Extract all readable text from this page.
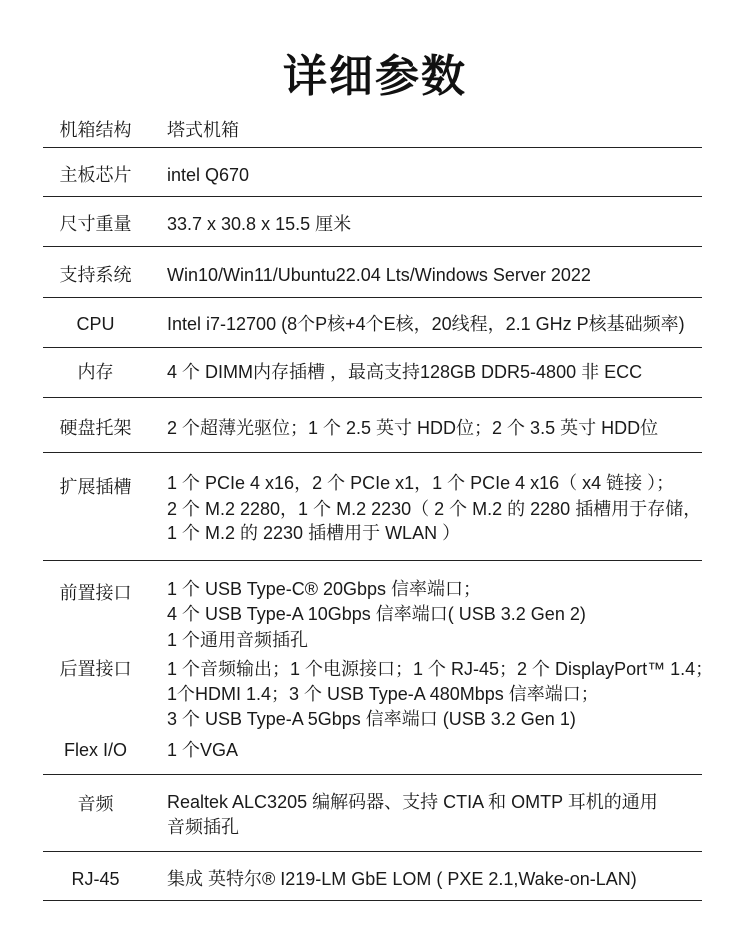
详细参数
机箱结构	塔式机箱
主板芯片	intel Q670
尺寸重量	33.7 x 30.8 x 15.5 厘米
支持系统	Win10/Win11/Ubuntu22.04 Lts/Windows Server 2022
CPU	Intel i7-12700 (8个P核+4个E核，20线程，2.1 GHz P核基础频率)
内存	4 个 DIMM内存插槽 ，最高支持128GB DDR5-4800 非 ECC
硬盘托架	2 个超薄光驱位；1 个 2.5 英寸 HDD位；2 个 3.5 英寸 HDD位
扩展插槽	1 个 PCIe 4 x16，2 个 PCIe x1，1 个 PCIe 4 x16（ x4 链接 ）；
2 个 M.2 2280，1 个 M.2 2230（ 2 个 M.2 的 2280 插槽用于存储，
1 个 M.2 的 2230 插槽用于 WLAN ）
前置接口	1 个 USB Type-C® 20Gbps 信率端口；
4 个 USB Type-A 10Gbps 信率端口( USB 3.2 Gen 2)
1 个通用音频插孔
后置接口	1 个音频输出；1 个电源接口；1 个 RJ-45；2 个 DisplayPort™ 1.4；
1个HDMI 1.4；3 个 USB Type-A 480Mbps 信率端口；
3 个 USB Type-A 5Gbps 信率端口 (USB 3.2 Gen 1)
Flex I/O	1 个VGA
音频	Realtek ALC3205 编解码器、支持 CTIA 和 OMTP 耳机的通用
音频插孔
RJ-45	集成 英特尔® I219-LM GbE LOM ( PXE 2.1,Wake-on-LAN)
